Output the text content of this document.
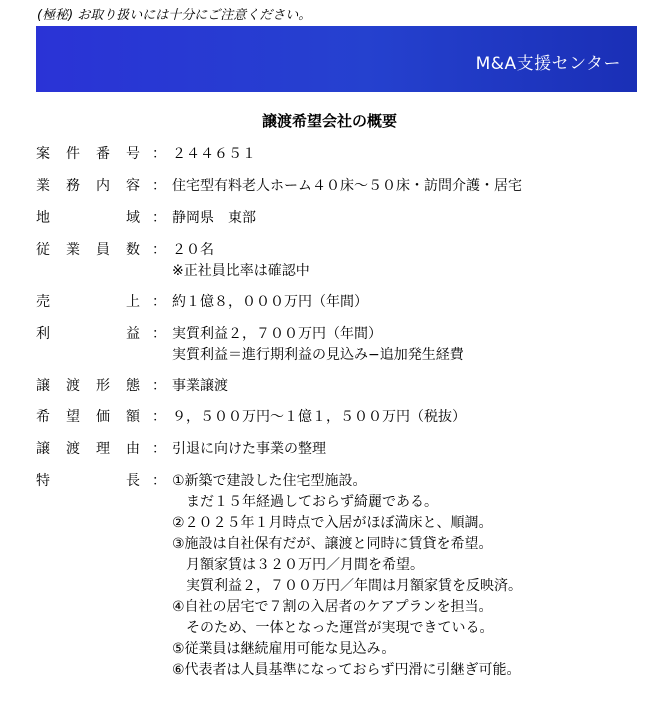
(極秘) お取り扱いには十分にご注意ください。
M&A支援センター
譲渡希望会社の概要
案 件 番 号 ： ２４４６５１
業 務 内 容 ： 住宅型有料老人ホーム４０床〜５０床・訪問介護・居宅
地	域 ： 静岡県　東部
従 業 員 数 ： ２０名
※正社員比率は確認中
売	上 ： 約１億８，０００万円（年間）
利	益 ： 実質利益２，７００万円（年間）
実質利益＝進行期利益の見込み−追加発生経費
譲 渡 形 態 ： 事業譲渡
希 望 価 額 ： ９，５００万円〜１億１，５００万円（税抜）
譲 渡 理 由 ： 引退に向けた事業の整理
特	長 ： ①新築で建設した住宅型施設。
　まだ１５年経過しておらず綺麗である。
②２０２５年１月時点で入居がほぼ満床と、順調。
③施設は自社保有だが、譲渡と同時に賃貸を希望。
　月額家賃は３２０万円／月間を希望。
　実質利益２，７００万円／年間は月額家賃を反映済。
④自社の居宅で７割の入居者のケアプランを担当。
　そのため、一体となった運営が実現できている。
⑤従業員は継続雇用可能な見込み。
⑥代表者は人員基準になっておらず円滑に引継ぎ可能。
